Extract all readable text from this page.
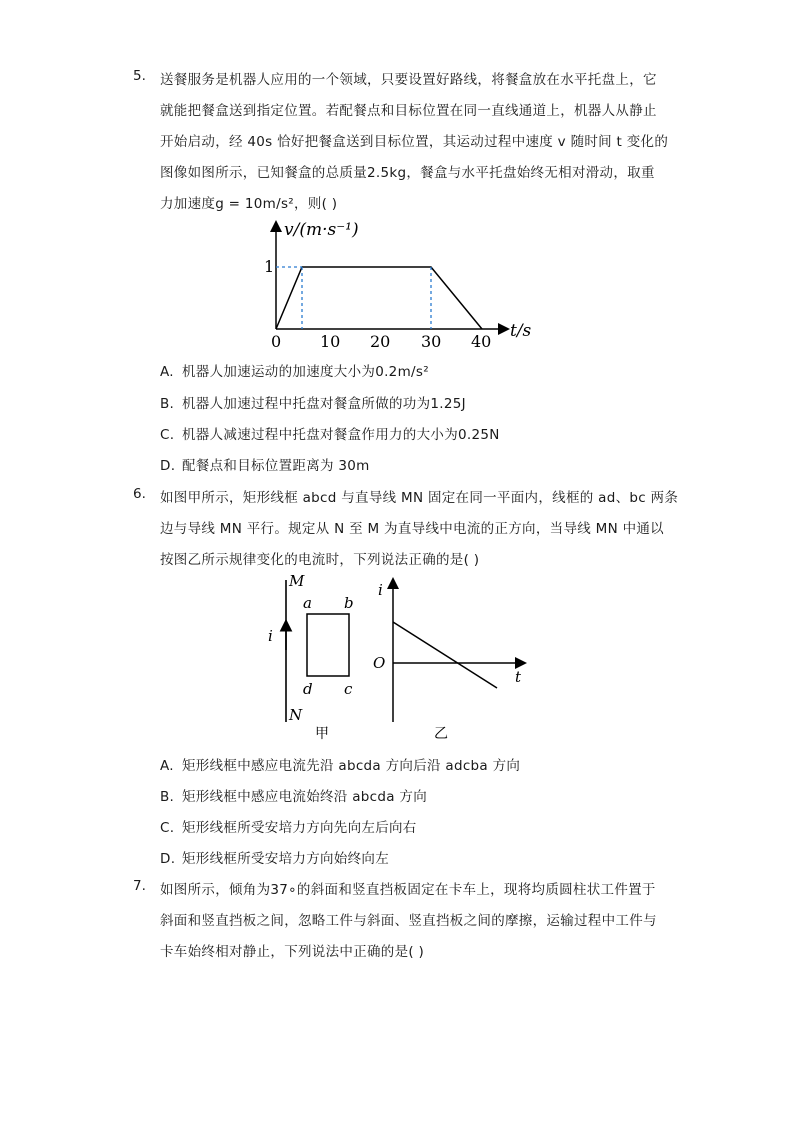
5.	送餐服务是机器人应用的一个领域，只要设置好路线，将餐盒放在水平托盘上，它
就能把餐盒送到指定位置。若配餐点和目标位置在同一直线通道上，机器人从静止
开始启动，经 40s 恰好把餐盒送到目标位置，其运动过程中速度 v 随时间 t 变化的
图像如图所示，已知餐盒的总质量2.5kg，餐盒与水平托盘始终无相对滑动，取重
力加速度g = 10m/s²，则( )
v/(m·s⁻¹)
1
0 10 20 30 40
t/s
A. 机器人加速运动的加速度大小为0.2m/s²
B. 机器人加速过程中托盘对餐盒所做的功为1.25J
C. 机器人减速过程中托盘对餐盒作用力的大小为0.25N
D. 配餐点和目标位置距离为 30m
6.	如图甲所示，矩形线框 abcd 与直导线 MN 固定在同一平面内，线框的 ad、bc 两条
边与导线 MN 平行。规定从 N 至 M 为直导线中电流的正方向，当导线 MN 中通以
按图乙所示规律变化的电流时，下列说法正确的是( )
M
N
i
a b
d c
甲
i
O
t
乙
A. 矩形线框中感应电流先沿 abcda 方向后沿 adcba 方向
B. 矩形线框中感应电流始终沿 abcda 方向
C. 矩形线框所受安培力方向先向左后向右
D. 矩形线框所受安培力方向始终向左
7.	如图所示，倾角为37∘的斜面和竖直挡板固定在卡车上，现将均质圆柱状工件置于
斜面和竖直挡板之间，忽略工件与斜面、竖直挡板之间的摩擦，运输过程中工件与
卡车始终相对静止，下列说法中正确的是( )
